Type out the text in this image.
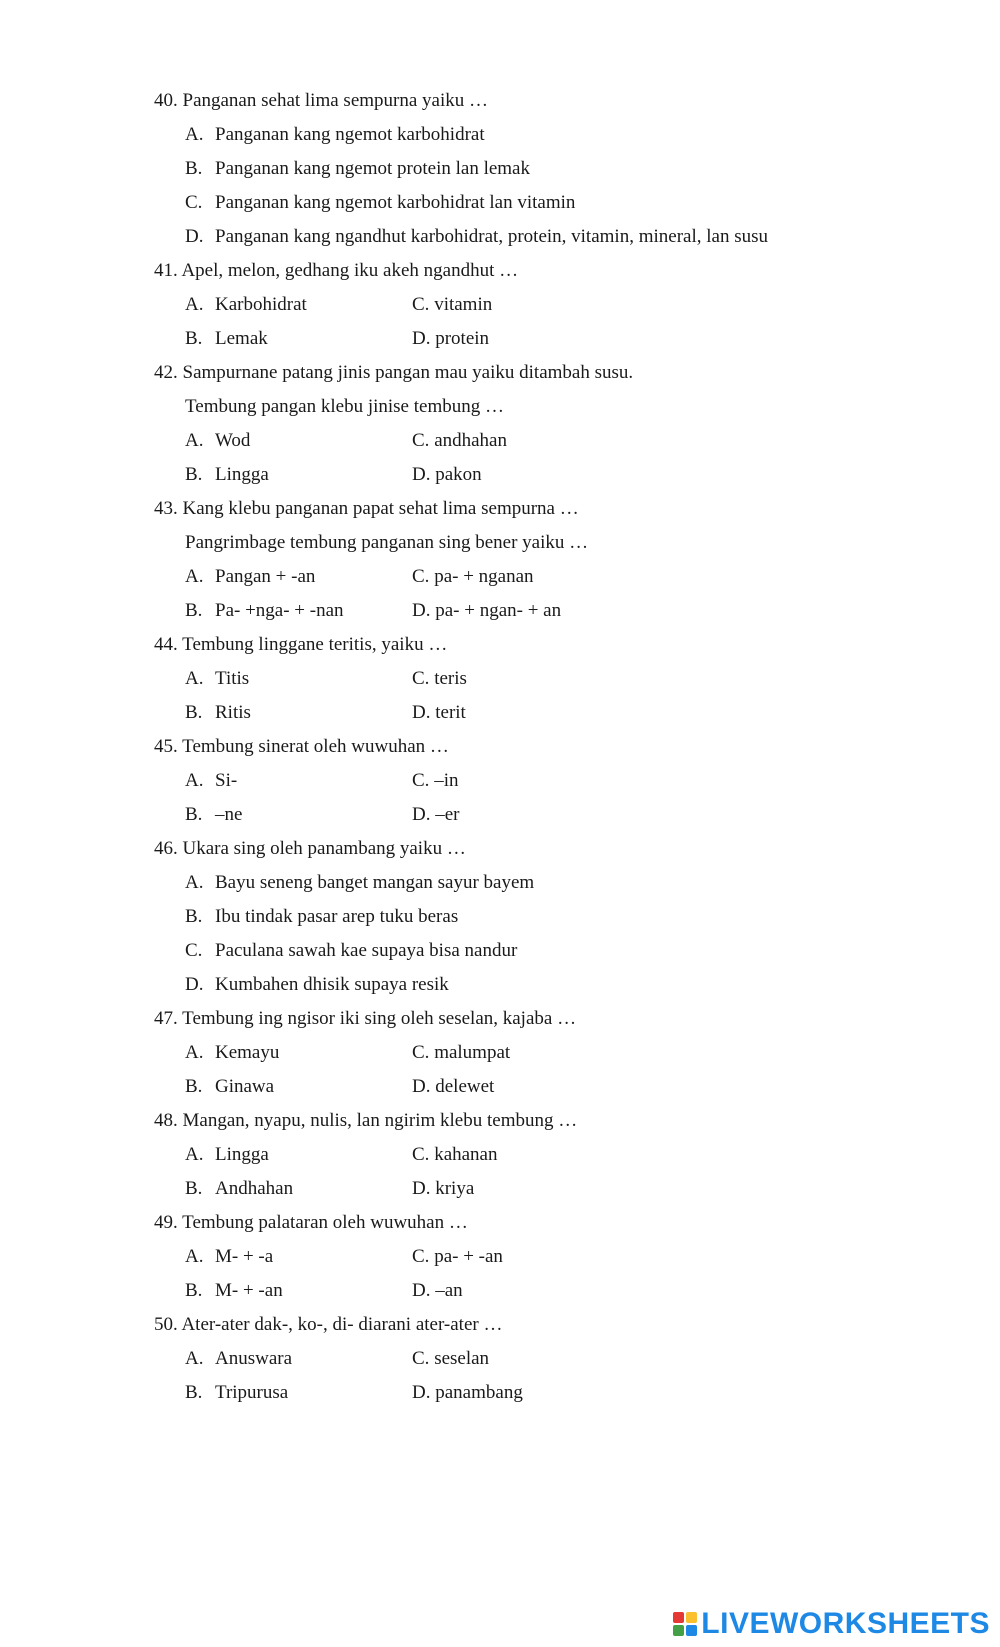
40. Panganan sehat lima sempurna yaiku …
A. Panganan kang ngemot karbohidrat
B. Panganan kang ngemot protein lan lemak
C. Panganan kang ngemot karbohidrat lan vitamin
D. Panganan kang ngandhut karbohidrat, protein, vitamin, mineral, lan susu
41. Apel, melon, gedhang iku akeh ngandhut …
A. Karbohidrat	C. vitamin
B. Lemak	D. protein
42. Sampurnane patang jinis pangan mau yaiku ditambah susu.
Tembung pangan klebu jinise tembung …
A. Wod	C. andhahan
B. Lingga	D. pakon
43. Kang klebu panganan papat sehat lima sempurna …
Pangrimbage tembung panganan sing bener yaiku …
A. Pangan + -an	C. pa- + nganan
B. Pa- +nga- + -nan	D. pa- + ngan- + an
44. Tembung linggane teritis, yaiku …
A. Titis	C. teris
B. Ritis	D. terit
45. Tembung sinerat oleh wuwuhan …
A. Si-	C. –in
B. –ne	D. –er
46. Ukara sing oleh panambang yaiku …
A. Bayu seneng banget mangan sayur bayem
B. Ibu tindak pasar arep tuku beras
C. Paculana sawah kae supaya bisa nandur
D. Kumbahen dhisik supaya resik
47. Tembung ing ngisor iki sing oleh seselan, kajaba …
A. Kemayu	C. malumpat
B. Ginawa	D. delewet
48. Mangan, nyapu, nulis, lan ngirim klebu tembung …
A. Lingga	C. kahanan
B. Andhahan	D. kriya
49. Tembung palataran oleh wuwuhan …
A. M- + -a	C. pa- + -an
B. M- + -an	D. –an
50. Ater-ater dak-, ko-, di- diarani ater-ater …
A. Anuswara	C. seselan
B. Tripurusa	D. panambang
LIVEWORKSHEETS
